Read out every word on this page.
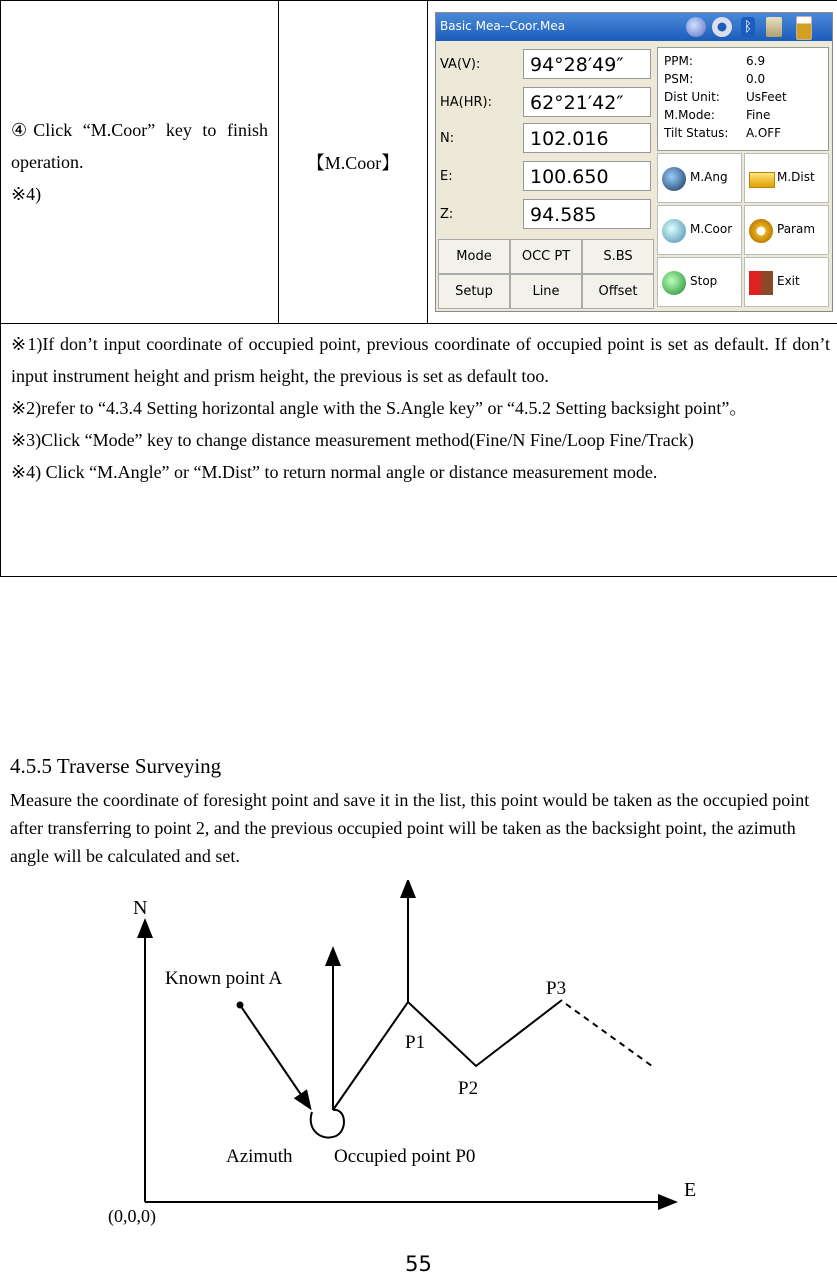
④Click “M.Coor” key to finish operation.
※4)

【M.Coor】

Basic Mea--Coor.Mea	ᛒ
VA(V):	94°28′49″
HA(HR):	62°21′42″
N:	102.016
E:	100.650
Z:	94.585
PPM:	6.9
PSM:	0.0
Dist Unit: UsFeet
M.Mode:	Fine
Tilt Status: A.OFF
Mode	OCC PT	S.BS
Setup	Line	Offset
M.Ang	M.Dist
M.Coor	Param
Stop	Exit

※1)If don’t input coordinate of occupied point, previous coordinate of occupied point is set as default. If don’t input instrument height and prism height, the previous is set as default too.

※2)refer to “4.3.4 Setting horizontal angle with the S.Angle key” or “4.5.2 Setting backsight point”。

※3)Click “Mode” key to change distance measurement method(Fine/N Fine/Loop Fine/Track)

※4) Click “M.Angle” or “M.Dist” to return normal angle or distance measurement mode.

4.5.5 Traverse Surveying

Measure the coordinate of foresight point and save it in the list, this point would be taken as the occupied point after transferring to point 2, and the previous occupied point will be taken as the backsight point, the azimuth angle will be calculated and set.

N
E
(0,0,0)
Known point A
Azimuth Occupied point P0
P1
P2
P3
55
